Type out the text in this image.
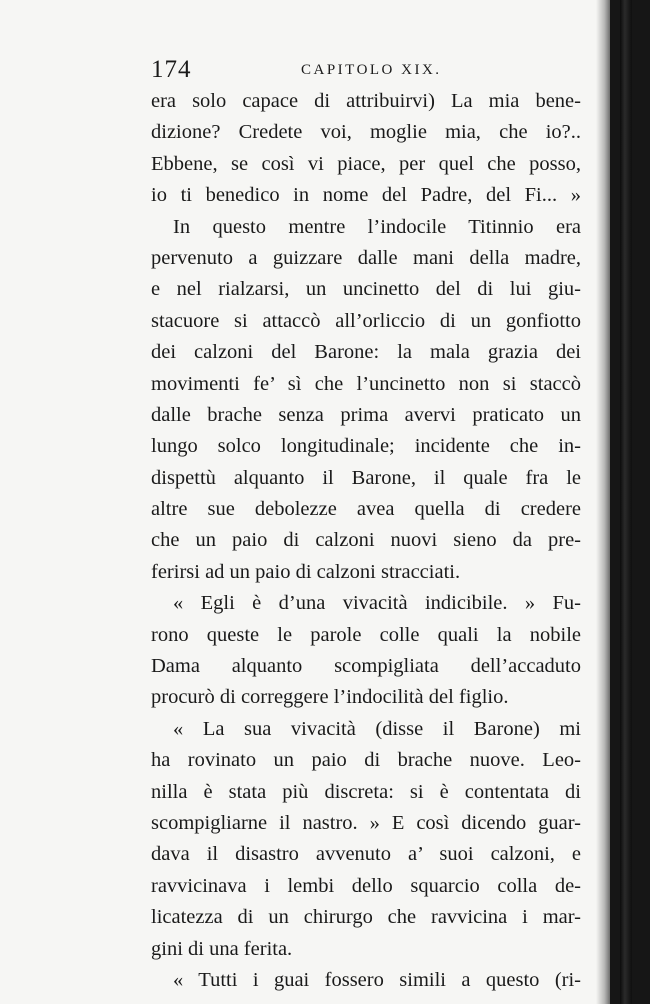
174	CAPITOLO XIX.
era solo capace di attribuirvi) La mia bene-
dizione? Credete voi, moglie mia, che io?..
Ebbene, se così vi piace, per quel che posso,
io ti benedico in nome del Padre, del Fi... »
In questo mentre l’indocile Titinnio era
pervenuto a guizzare dalle mani della madre,
e nel rialzarsi, un uncinetto del di lui giu-
stacuore si attaccò all’orliccio di un gonfiotto
dei calzoni del Barone: la mala grazia dei
movimenti fe’ sì che l’uncinetto non si staccò
dalle brache senza prima avervi praticato un
lungo solco longitudinale; incidente che in-
dispettù alquanto il Barone, il quale fra le
altre sue debolezze avea quella di credere
che un paio di calzoni nuovi sieno da pre-
ferirsi ad un paio di calzoni stracciati.
« Egli è d’una vivacità indicibile. » Fu-
rono queste le parole colle quali la nobile
Dama alquanto scompigliata dell’accaduto
procurò di correggere l’indocilità del figlio.
« La sua vivacità (disse il Barone) mi
ha rovinato un paio di brache nuove. Leo-
nilla è stata più discreta: si è contentata di
scompigliarne il nastro. » E così dicendo guar-
dava il disastro avvenuto a’ suoi calzoni, e
ravvicinava i lembi dello squarcio colla de-
licatezza di un chirurgo che ravvicina i mar-
gini di una ferita.
« Tutti i guai fossero simili a questo (ri-
